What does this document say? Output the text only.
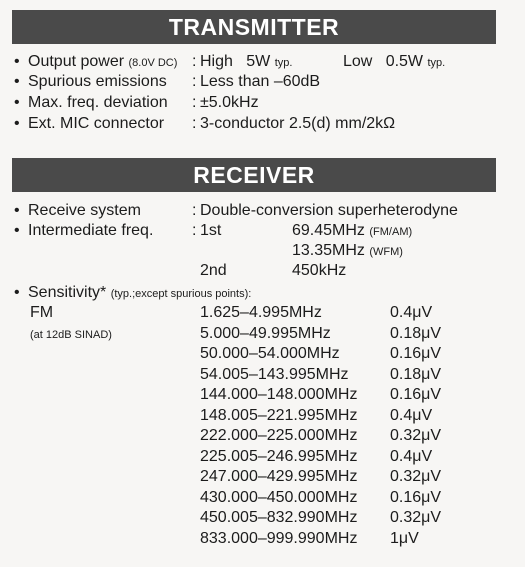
TRANSMITTER
• Output power (8.0V DC) : High   5W typ.	Low   0.5W typ.
• Spurious emissions : Less than –60dB
• Max. freq. deviation : ±5.0kHz
• Ext. MIC connector : 3-conductor 2.5(d) mm/2kΩ
RECEIVER
• Receive system	: Double-conversion superheterodyne
• Intermediate freq. : 1st	69.45MHz (FM/AM)
13.35MHz (WFM)
2nd	450kHz
• Sensitivity* (typ.;except spurious points):
FM
(at 12dB SINAD)
1.625–4.995MHz	0.4μV
5.000–49.995MHz	0.18μV
50.000–54.000MHz	0.16μV
54.005–143.995MHz	0.18μV
144.000–148.000MHz 0.16μV
148.005–221.995MHz 0.4μV
222.000–225.000MHz 0.32μV
225.005–246.995MHz 0.4μV
247.000–429.995MHz 0.32μV
430.000–450.000MHz 0.16μV
450.005–832.990MHz 0.32μV
833.000–999.990MHz 1μV
